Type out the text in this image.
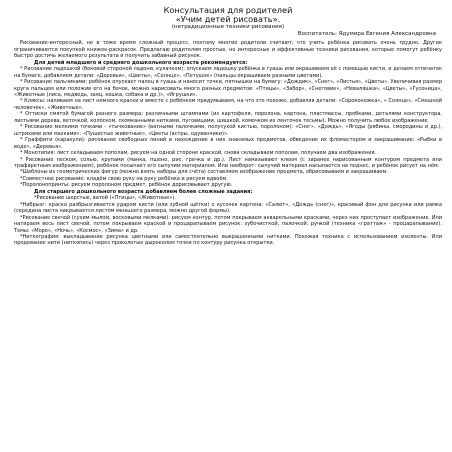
Консультация для родителей

«Учим детей рисовать».

(нетрадиционные техники рисования)

Воспитатель: Ядумира Евгения Александровна

Рисование-интересный, но в тоже время сложный процесс, поэтому многие родители считают, что учить ребёнка рисовать очень трудно. Другие ограничиваются покупкой книжек-раскрасок. Предлагаю родителям простые, но интересные и эффективные техники рисования, которые помогут ребёнку быстро достичь желаемого результата и получить забавный рисунок.

Для детей младшего и среднего дошкольного возраста рекомендуется:

* Рисование ладошкой (боковой стороной ладони, кулачком): опускаем ладошку ребёнка в гуашь или окрашиваем её с помощью кисти, и делаем отпечаток на бумаге, добавляем детали: «Деревья», «Цветы», «Солнце», «Петушок» (пальцы окрашиваем разными цветами).

* Рисование пальчиками: ребёнок опускает палец в гуашь и наносит точки, пятнышки на бумагу: «Дождик», «Снег», «Листья», «Цветы». Увеличивая размер круга пальцем или положив его на бочок, можно нарисовать много разных предметов: «Птицы», «Забор», «Снеговик», «Неваляшка», «Цветы», «Гусеница», «Животные (лиса, медведь, заяц, кошка, собака и др.)», «Игрушки».

* Кляксы: наливаем на лист немного краски и вместе с ребёнком придумываем, на что это похоже, добавляя детали: «Сороконожка», « Солнце», «Смешной человечек», «Животные».

* Оттиски смятой бумагой разного размера; различными штампами (из картофеля, поролона, картона, пластмассы, пробками, деталями конструктора, листьями дерева, веточкой, колоском, скомканными нитками, пуговицами, шишкой, комочком из ленточек тесьмы). Можно получить любое изображение.

* Рисование мелкими точками - «тычкование» (ватными палочками, полусухой кистью, поролоном): «Снег», «Дождь», «Ягоды (рябины, смородины и др.), штрихами или мазками»: «Пушистые животные», «Цветы (астры, одуванчики)».

* Граффити (каракули): рисование свободных линий и нахождение в них знакомых предметов, обведение их фломастером и закрашивание: «Рыбки в воде», «Деревья».

* Монотипия: лист складываем пополам, рисуем на одной стороне краской, снова складываем пополам, получаем два изображения.

* Рисование песком, солью, крупами (манка, пшено, рис, гречка и др.). Лист намазывают клеем (с заранее нарисованным контуром предмета или трафаретным изображением), ребёнок посыпает его сыпучим материалом. Или наоборот: сыпучий материал насыпается на поднос, и ребёнок рисует на нём.

*Шаблоны из геометрических фигур (можно взять наборы для счёта) составляем изображение предмета, обрисовываем и закрашиваем.

*Совместное рисование: кладём свою руку на руку ребёнка и рисуем вдвоём.

*Поролонопринты: рисуем поролоном предмет, ребёнок дорисовывает другую.

Для старшего дошкольного возраста добавляем более сложные задания:

*Рисование шерстью, ватой («Птицы», «Животные»).

*Набрызг: краска разбрызгивается ударом кисти (или зубной щётки) о кусочек картона: «Салют», «Дождь (снег)», красивый фон для рисунка или рамка (середина листа накрывается листом меньшего размера, можно другой формы).

*Рисование свечой (сухим мылом, восковыми мелками): рисуем контур, потом покрываем акварельными красками, через них проступает изображение. Или натираем весь лист свечой, потом покрываем краской и процарапываем рисунок: зубочисткой, палочкой, ручкой (техника «граттаж» - процарапывание). Темы: «Море», «Ночь», «Космос», «Зима» и др.

*Ниткография: выкладывание рисунка цветными или самостоятельно выкрашенными нитками. Похожая техника с использованием изоленты. Или продевание нити (ниткопись) через проколотые дыроколом точки по контуру рисунка открытки.
